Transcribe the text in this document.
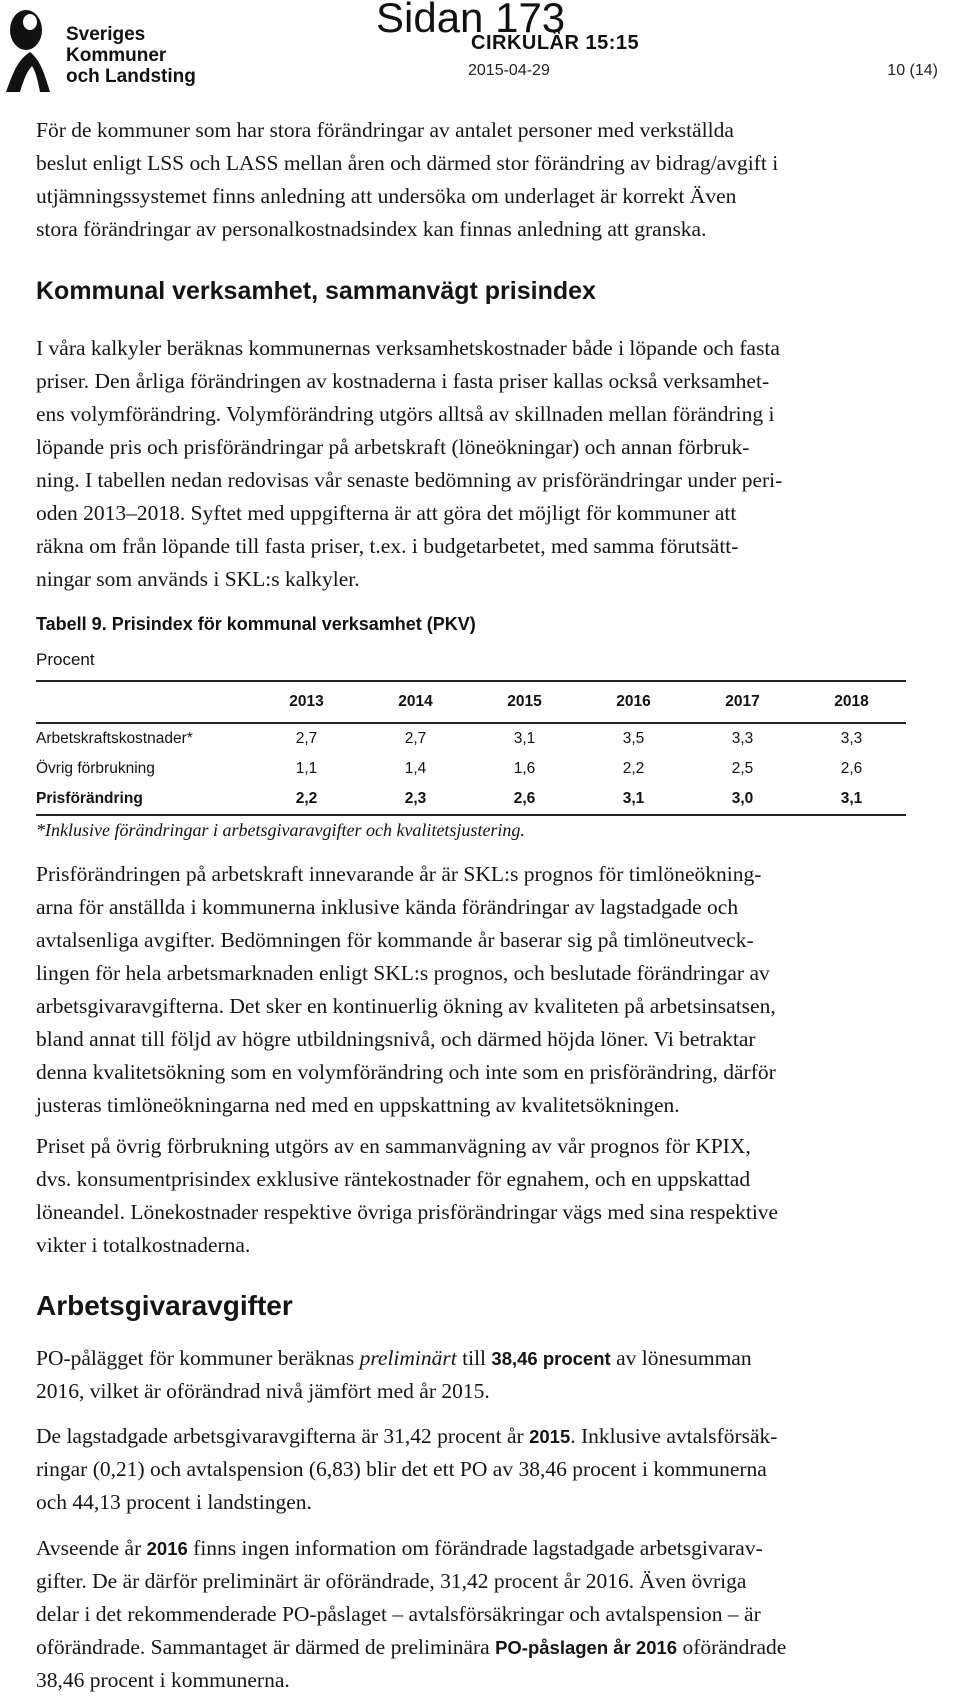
Sveriges
Kommuner
och Landsting
Sidan 173
CIRKULÄR 15:15
2015-04-29	10 (14)

För de kommuner som har stora förändringar av antalet personer med verkställda
beslut enligt LSS och LASS mellan åren och därmed stor förändring av bidrag/avgift i
utjämningssystemet finns anledning att undersöka om underlaget är korrekt Även
stora förändringar av personalkostnadsindex kan finnas anledning att granska.

Kommunal verksamhet, sammanvägt prisindex

I våra kalkyler beräknas kommunernas verksamhetskostnader både i löpande och fasta
priser. Den årliga förändringen av kostnaderna i fasta priser kallas också verksamhet-
ens volymförändring. Volymförändring utgörs alltså av skillnaden mellan förändring i
löpande pris och prisförändringar på arbetskraft (löneökningar) och annan förbruk-
ning. I tabellen nedan redovisas vår senaste bedömning av prisförändringar under peri-
oden 2013–2018. Syftet med uppgifterna är att göra det möjligt för kommuner att
räkna om från löpande till fasta priser, t.ex. i budgetarbetet, med samma förutsätt-
ningar som används i SKL:s kalkyler.

Tabell 9. Prisindex för kommunal verksamhet (PKV)
Procent
	2013	2014	2015	2016	2017	2018
Arbetskraftskostnader*	2,7	2,7	3,1	3,5	3,3	3,3
Övrig förbrukning	1,1	1,4	1,6	2,2	2,5	2,6
Prisförändring	2,2	2,3	2,6	3,1	3,0	3,1
*Inklusive förändringar i arbetsgivaravgifter och kvalitetsjustering.

Prisförändringen på arbetskraft innevarande år är SKL:s prognos för timlöneökning-
arna för anställda i kommunerna inklusive kända förändringar av lagstadgade och
avtalsenliga avgifter. Bedömningen för kommande år baserar sig på timlöneutveck-
lingen för hela arbetsmarknaden enligt SKL:s prognos, och beslutade förändringar av
arbetsgivaravgifterna. Det sker en kontinuerlig ökning av kvaliteten på arbetsinsatsen,
bland annat till följd av högre utbildningsnivå, och därmed höjda löner. Vi betraktar
denna kvalitetsökning som en volymförändring och inte som en prisförändring, därför
justeras timlöneökningarna ned med en uppskattning av kvalitetsökningen.

Priset på övrig förbrukning utgörs av en sammanvägning av vår prognos för KPIX,
dvs. konsumentprisindex exklusive räntekostnader för egnahem, och en uppskattad
löneandel. Lönekostnader respektive övriga prisförändringar vägs med sina respektive
vikter i totalkostnaderna.

Arbetsgivaravgifter

PO-pålägget för kommuner beräknas preliminärt till 38,46 procent av lönesumman
2016, vilket är oförändrad nivå jämfört med år 2015.

De lagstadgade arbetsgivaravgifterna är 31,42 procent år 2015. Inklusive avtalsförsäk-
ringar (0,21) och avtalspension (6,83) blir det ett PO av 38,46 procent i kommunerna
och 44,13 procent i landstingen.

Avseende år 2016 finns ingen information om förändrade lagstadgade arbetsgivarav-
gifter. De är därför preliminärt är oförändrade, 31,42 procent år 2016. Även övriga
delar i det rekommenderade PO-påslaget – avtalsförsäkringar och avtalspension – är
oförändrade. Sammantaget är därmed de preliminära PO-påslagen år 2016 oförändrade
38,46 procent i kommunerna.
